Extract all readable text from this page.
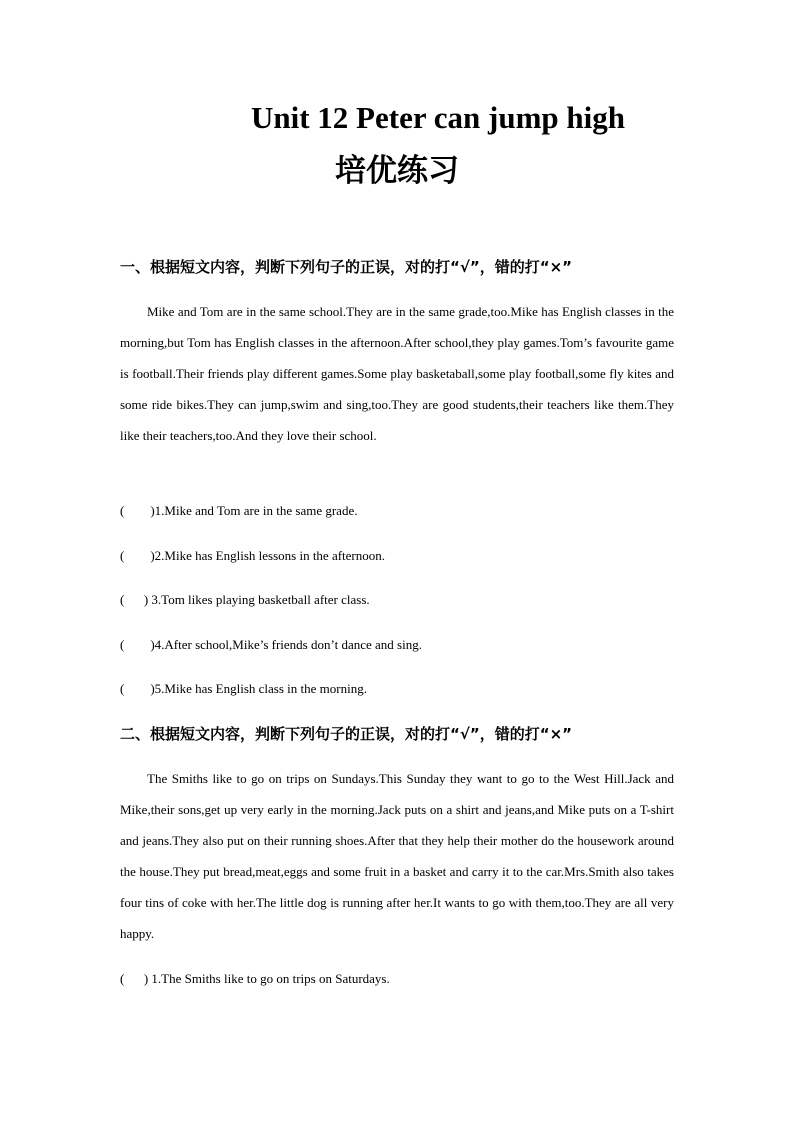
Unit 12 Peter can jump high
培优练习
一、根据短文内容，判断下列句子的正误，对的打“√”，错的打“×”

Mike and Tom are in the same school.They are in the same grade,too.Mike has English classes in the morning,but Tom has English classes in the afternoon.After school,they play games.Tom’s favourite game is football.Their friends play different games.Some play basketaball,some play football,some fly kites and some ride bikes.They can jump,swim and sing,too.They are good students,their teachers like them.They like their teachers,too.And they love their school.

(        )1.Mike and Tom are in the same grade.
(        )2.Mike has English lessons in the afternoon.
(      ) 3.Tom likes playing basketball after class.
(        )4.After school,Mike’s friends don’t dance and sing.
(        )5.Mike has English class in the morning.
二、根据短文内容，判断下列句子的正误，对的打“√”，错的打“×”

The Smiths like to go on trips on Sundays.This Sunday they want to go to the West Hill.Jack and Mike,their sons,get up very early in the morning.Jack puts on a shirt and jeans,and Mike puts on a T-shirt and jeans.They also put on their running shoes.After that they help their mother do the housework around the house.They put bread,meat,eggs and some fruit in a basket and carry it to the car.Mrs.Smith also takes four tins of coke with her.The little dog is running after her.It wants to go with them,too.They are all very happy.

(      ) 1.The Smiths like to go on trips on Saturdays.
